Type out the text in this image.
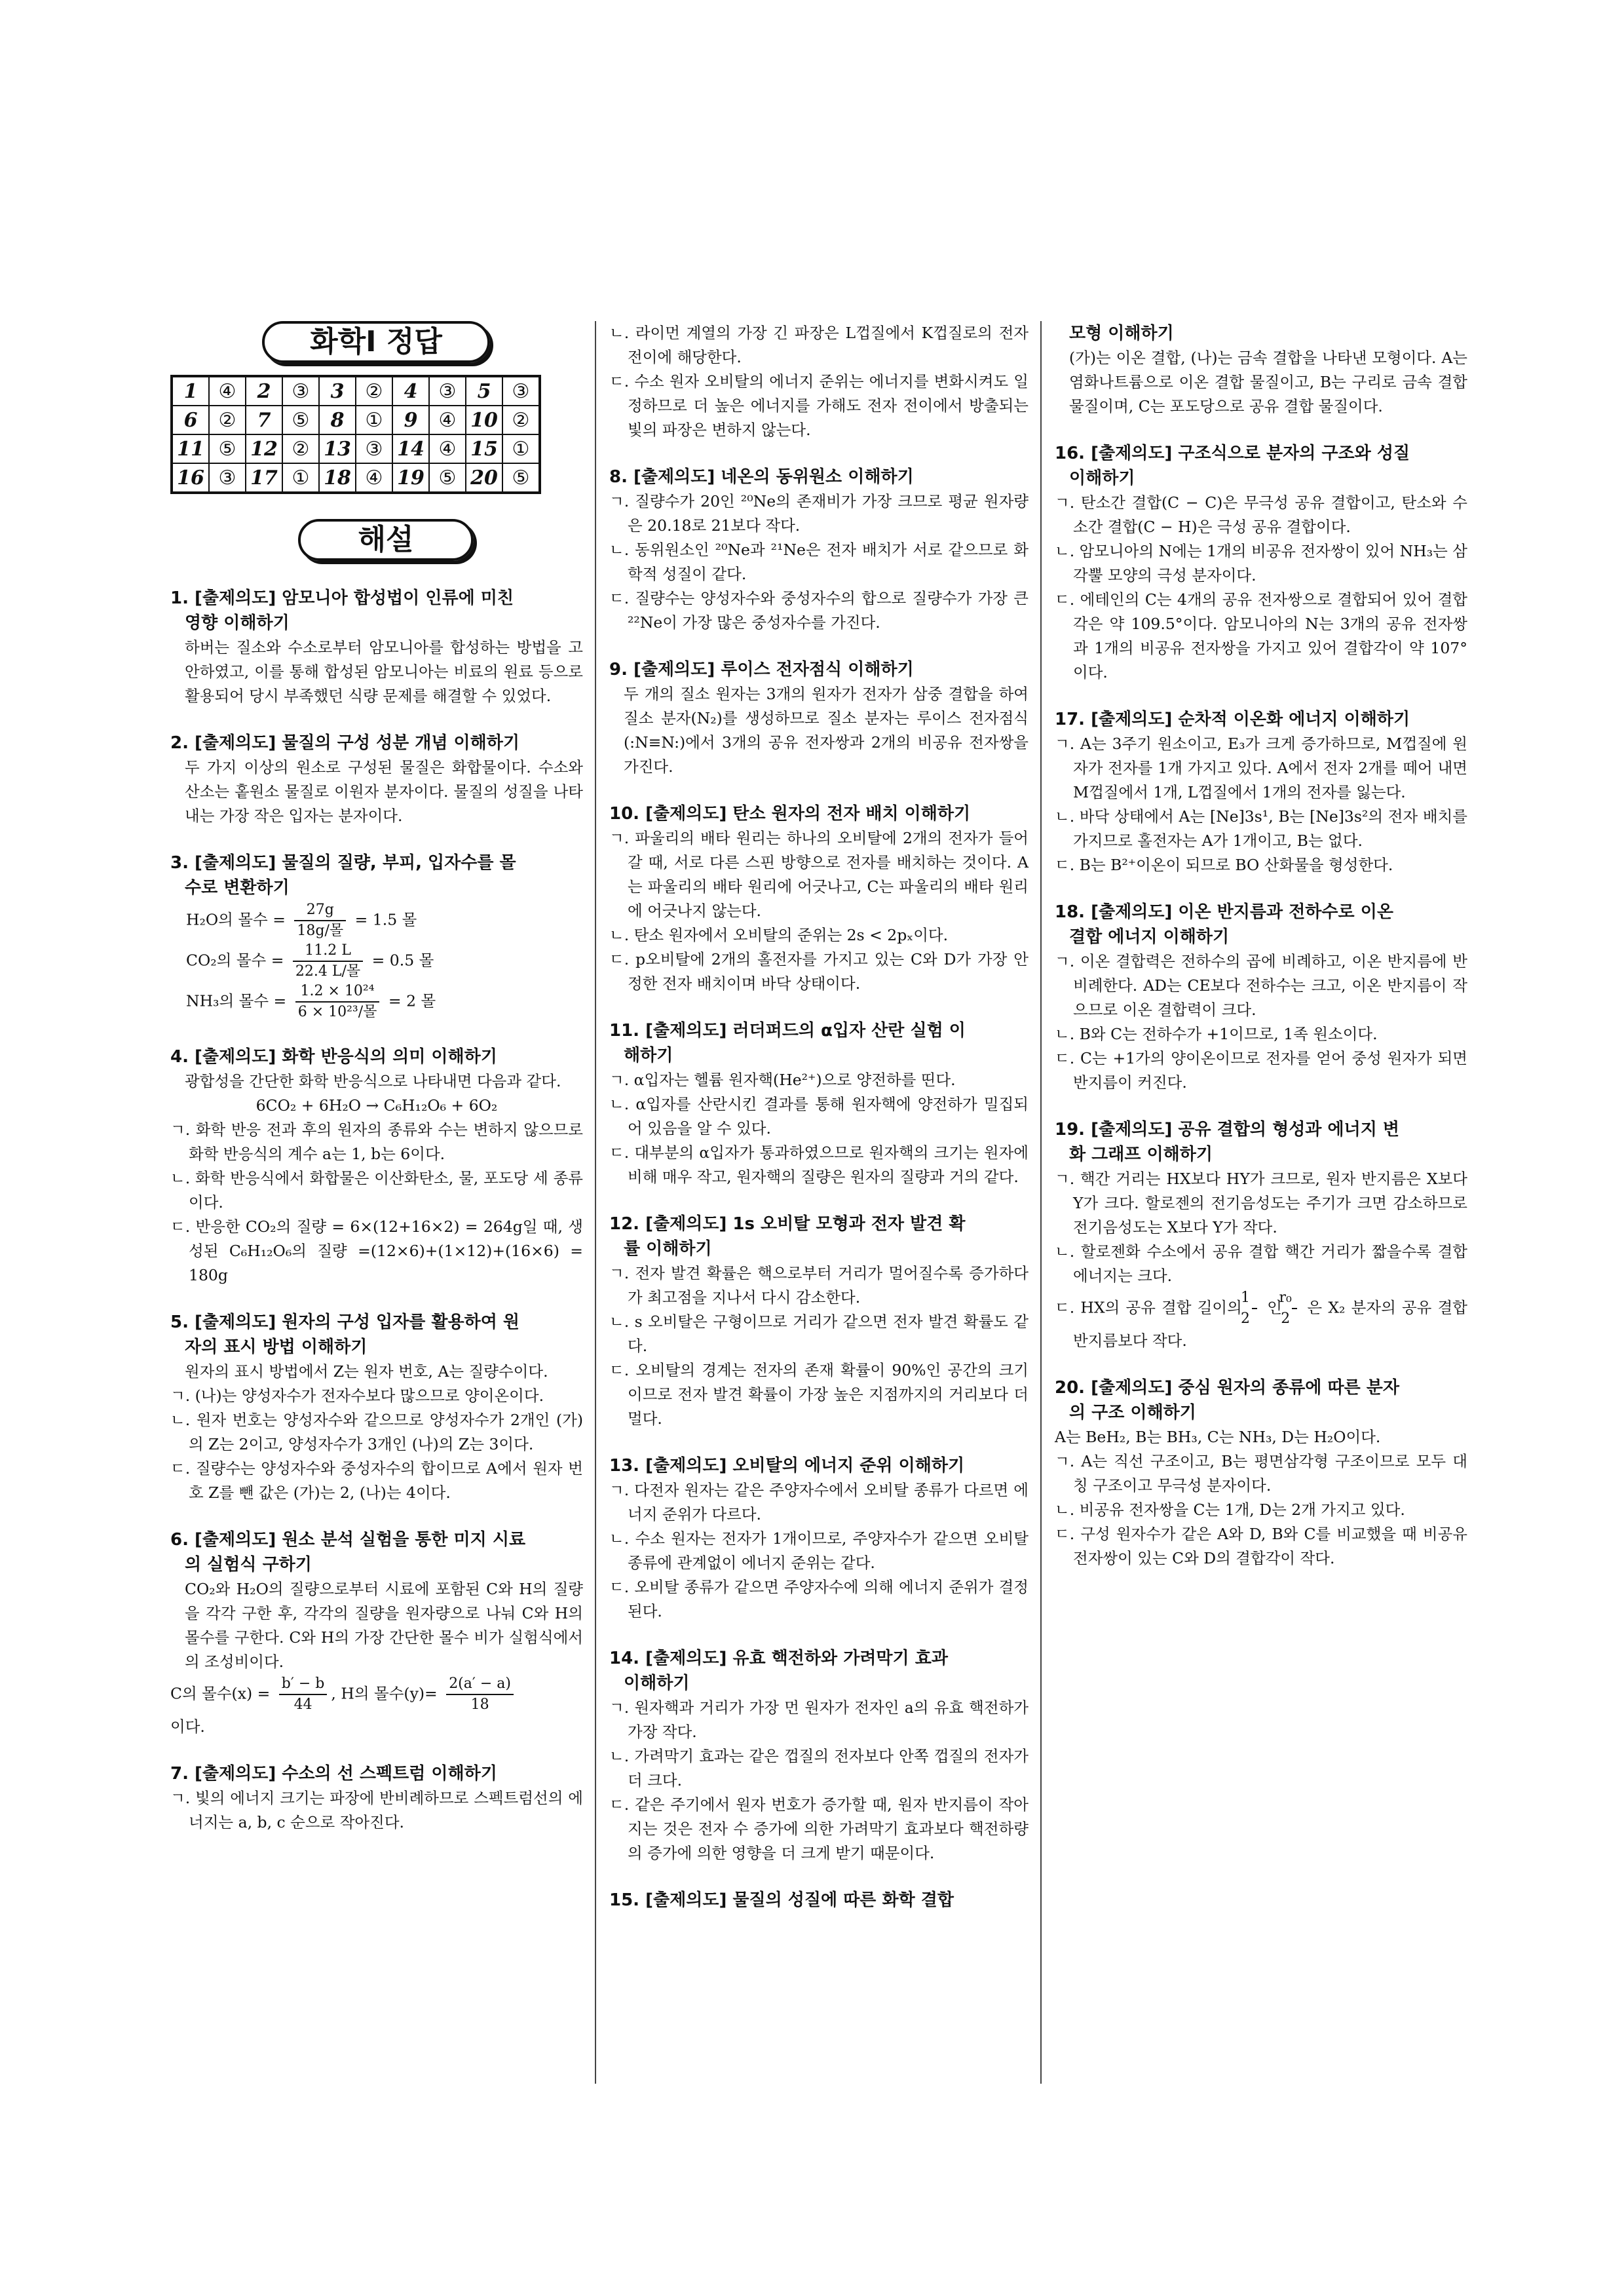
화학Ⅰ 정답
1	④	2	③	3	②	4	③	5	③
6	②	7	⑤	8	①	9	④	10	②
11	⑤	12	②	13	③	14	④	15	①
16	③	17	①	18	④	19	⑤	20	⑤
해설
1. [출제의도] 암모니아 합성법이 인류에 미친
영향 이해하기
하버는 질소와 수소로부터 암모니아를 합성하는 방법을 고안하였고, 이를 통해 합성된 암모니아는 비료의 원료 등으로 활용되어 당시 부족했던 식량 문제를 해결할 수 있었다.
2. [출제의도] 물질의 구성 성분 개념 이해하기
두 가지 이상의 원소로 구성된 물질은 화합물이다. 수소와 산소는 홑원소 물질로 이원자 분자이다. 물질의 성질을 나타내는 가장 작은 입자는 분자이다.
3. [출제의도] 물질의 질량, 부피, 입자수를 몰
수로 변환하기
H₂O의 몰수 = $\frac{27g}{\text{18g/몰}} = 1.5$ 몰
CO₂의 몰수 = $\frac{11.2 L}{\text{22.4 L/몰}} = 0.5$ 몰
NH₃의 몰수 = $\frac{\text{1.2 × 10²⁴}}{\text{6 × 10²³/몰}} = 2$ 몰
4. [출제의도] 화학 반응식의 의미 이해하기
광합성을 간단한 화학 반응식으로 나타내면 다음과 같다.
6CO₂ + 6H₂O → C₆H₁₂O₆ + 6O₂
ㄱ. 화학 반응 전과 후의 원자의 종류와 수는 변하지 않으므로 화학 반응식의 계수 a는 1, b는 6이다.
ㄴ. 화학 반응식에서 화합물은 이산화탄소, 물, 포도당 세 종류이다.
ㄷ. 반응한 CO₂의 질량 = 6×(12+16×2) = 264g일 때, 생성된 C₆H₁₂O₆의 질량 =(12×6)+(1×12)+(16×6) = 180g
5. [출제의도] 원자의 구성 입자를 활용하여 원
자의 표시 방법 이해하기
원자의 표시 방법에서 Z는 원자 번호, A는 질량수이다.
ㄱ. (나)는 양성자수가 전자수보다 많으므로 양이온이다.
ㄴ. 원자 번호는 양성자수와 같으므로 양성자수가 2개인 (가)의 Z는 2이고, 양성자수가 3개인 (나)의 Z는 3이다.
ㄷ. 질량수는 양성자수와 중성자수의 합이므로 A에서 원자 번호 Z를 뺀 값은 (가)는 2, (나)는 4이다.
6. [출제의도] 원소 분석 실험을 통한 미지 시료
의 실험식 구하기
CO₂와 H₂O의 질량으로부터 시료에 포함된 C와 H의 질량을 각각 구한 후, 각각의 질량을 원자량으로 나눠 C와 H의 몰수를 구한다. C와 H의 가장 간단한 몰수 비가 실험식에서의 조성비이다.
C의 몰수$(x) = \frac{b' - b}{44}$ , H의 몰수$(y)= \frac{2(a' - a)}{18}$
이다.
7. [출제의도] 수소의 선 스펙트럼 이해하기
ㄱ. 빛의 에너지 크기는 파장에 반비례하므로 스펙트럼선의 에너지는 a, b, c 순으로 작아진다.
ㄴ. 라이먼 계열의 가장 긴 파장은 L껍질에서 K껍질로의 전자 전이에 해당한다.
ㄷ. 수소 원자 오비탈의 에너지 준위는 에너지를 변화시켜도 일정하므로 더 높은 에너지를 가해도 전자 전이에서 방출되는 빛의 파장은 변하지 않는다.
8. [출제의도] 네온의 동위원소 이해하기
ㄱ. 질량수가 20인 ²⁰Ne의 존재비가 가장 크므로 평균 원자량은 20.18로 21보다 작다.
ㄴ. 동위원소인 ²⁰Ne과 ²¹Ne은 전자 배치가 서로 같으므로 화학적 성질이 같다.
ㄷ. 질량수는 양성자수와 중성자수의 합으로 질량수가 가장 큰 ²²Ne이 가장 많은 중성자수를 가진다.
9. [출제의도] 루이스 전자점식 이해하기
두 개의 질소 원자는 3개의 원자가 전자가 삼중 결합을 하여 질소 분자(N₂)를 생성하므로 질소 분자는 루이스 전자점식(:N≡N:)에서 3개의 공유 전자쌍과 2개의 비공유 전자쌍을 가진다.
10. [출제의도] 탄소 원자의 전자 배치 이해하기
ㄱ. 파울리의 배타 원리는 하나의 오비탈에 2개의 전자가 들어갈 때, 서로 다른 스핀 방향으로 전자를 배치하는 것이다. A는 파울리의 배타 원리에 어긋나고, C는 파울리의 배타 원리에 어긋나지 않는다.
ㄴ. 탄소 원자에서 오비탈의 준위는 2s < 2pₓ이다.
ㄷ. p오비탈에 2개의 홀전자를 가지고 있는 C와 D가 가장 안정한 전자 배치이며 바닥 상태이다.
11. [출제의도] 러더퍼드의 α입자 산란 실험 이
해하기
ㄱ. α입자는 헬륨 원자핵(He²⁺)으로 양전하를 띤다.
ㄴ. α입자를 산란시킨 결과를 통해 원자핵에 양전하가 밀집되어 있음을 알 수 있다.
ㄷ. 대부분의 α입자가 통과하였으므로 원자핵의 크기는 원자에 비해 매우 작고, 원자핵의 질량은 원자의 질량과 거의 같다.
12. [출제의도] 1s 오비탈 모형과 전자 발견 확
률 이해하기
ㄱ. 전자 발견 확률은 핵으로부터 거리가 멀어질수록 증가하다가 최고점을 지나서 다시 감소한다.
ㄴ. s 오비탈은 구형이므로 거리가 같으면 전자 발견 확률도 같다.
ㄷ. 오비탈의 경계는 전자의 존재 확률이 90%인 공간의 크기이므로 전자 발견 확률이 가장 높은 지점까지의 거리보다 더 멀다.
13. [출제의도] 오비탈의 에너지 준위 이해하기
ㄱ. 다전자 원자는 같은 주양자수에서 오비탈 종류가 다르면 에너지 준위가 다르다.
ㄴ. 수소 원자는 전자가 1개이므로, 주양자수가 같으면 오비탈 종류에 관계없이 에너지 준위는 같다.
ㄷ. 오비탈 종류가 같으면 주양자수에 의해 에너지 준위가 결정된다.
14. [출제의도] 유효 핵전하와 가려막기 효과
이해하기
ㄱ. 원자핵과 거리가 가장 먼 원자가 전자인 a의 유효 핵전하가 가장 작다.
ㄴ. 가려막기 효과는 같은 껍질의 전자보다 안쪽 껍질의 전자가 더 크다.
ㄷ. 같은 주기에서 원자 번호가 증가할 때, 원자 반지름이 작아지는 것은 전자 수 증가에 의한 가려막기 효과보다 핵전하량의 증가에 의한 영향을 더 크게 받기 때문이다.
15. [출제의도] 물질의 성질에 따른 화학 결합
모형 이해하기
(가)는 이온 결합, (나)는 금속 결합을 나타낸 모형이다. A는 염화나트륨으로 이온 결합 물질이고, B는 구리로 금속 결합 물질이며, C는 포도당으로 공유 결합 물질이다.
16. [출제의도] 구조식으로 분자의 구조와 성질
이해하기
ㄱ. 탄소간 결합(C − C)은 무극성 공유 결합이고, 탄소와 수소간 결합(C − H)은 극성 공유 결합이다.
ㄴ. 암모니아의 N에는 1개의 비공유 전자쌍이 있어 NH₃는 삼각뿔 모양의 극성 분자이다.
ㄷ. 에테인의 C는 4개의 공유 전자쌍으로 결합되어 있어 결합각은 약 109.5°이다. 암모니아의 N는 3개의 공유 전자쌍과 1개의 비공유 전자쌍을 가지고 있어 결합각이 약 107°이다.
17. [출제의도] 순차적 이온화 에너지 이해하기
ㄱ. A는 3주기 원소이고, E₃가 크게 증가하므로, M껍질에 원자가 전자를 1개 가지고 있다. A에서 전자 2개를 떼어 내면 M껍질에서 1개, L껍질에서 1개의 전자를 잃는다.
ㄴ. 바닥 상태에서 A는 [Ne]3s¹, B는 [Ne]3s²의 전자 배치를 가지므로 홀전자는 A가 1개이고, B는 없다.
ㄷ. B는 B²⁺이온이 되므로 BO 산화물을 형성한다.
18. [출제의도] 이온 반지름과 전하수로 이온
결합 에너지 이해하기
ㄱ. 이온 결합력은 전하수의 곱에 비례하고, 이온 반지름에 반비례한다. AD는 CE보다 전하수는 크고, 이온 반지름이 작으므로 이온 결합력이 크다.
ㄴ. B와 C는 전하수가 +1이므로, 1족 원소이다.
ㄷ. C는 +1가의 양이온이므로 전자를 얻어 중성 원자가 되면 반지름이 커진다.
19. [출제의도] 공유 결합의 형성과 에너지 변
화 그래프 이해하기
ㄱ. 핵간 거리는 HX보다 HY가 크므로, 원자 반지름은 X보다 Y가 크다. 할로젠의 전기음성도는 주기가 크면 감소하므로 전기음성도는 X보다 Y가 작다.
ㄴ. 할로젠화 수소에서 공유 결합 핵간 거리가 짧을수록 결합 에너지는 크다.
ㄷ. HX의 공유 결합 길이의 $\frac{1}{2}$ 인 $\frac{\text{r₀}}{2}$ 은 X₂ 분자의 공유 결합 반지름보다 작다.
20. [출제의도] 중심 원자의 종류에 따른 분자
의 구조 이해하기
A는 BeH₂, B는 BH₃, C는 NH₃, D는 H₂O이다.
ㄱ. A는 직선 구조이고, B는 평면삼각형 구조이므로 모두 대칭 구조이고 무극성 분자이다.
ㄴ. 비공유 전자쌍을 C는 1개, D는 2개 가지고 있다.
ㄷ. 구성 원자수가 같은 A와 D, B와 C를 비교했을 때 비공유 전자쌍이 있는 C와 D의 결합각이 작다.
